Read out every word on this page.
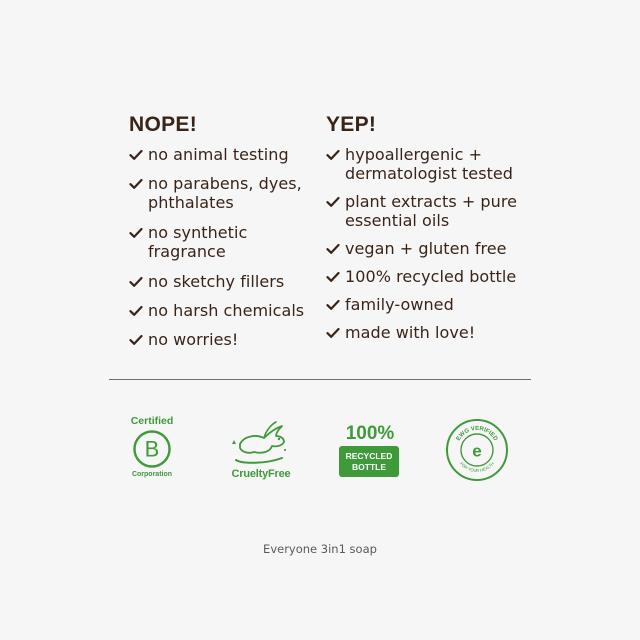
NOPE!
no animal testing
no parabens, dyes, phthalates
no synthetic fragrance
no sketchy fillers
no harsh chemicals
no worries!
YEP!
hypoallergenic + dermatologist tested
plant extracts + pure essential oils
vegan + gluten free
100% recycled bottle
family-owned
made with love!
Certified
B
Corporation	CrueltyFree
100%
RECYCLED
BOTTLE
EWG VERIFIED
FOR YOUR HEALTH
e
Everyone 3in1 soap
